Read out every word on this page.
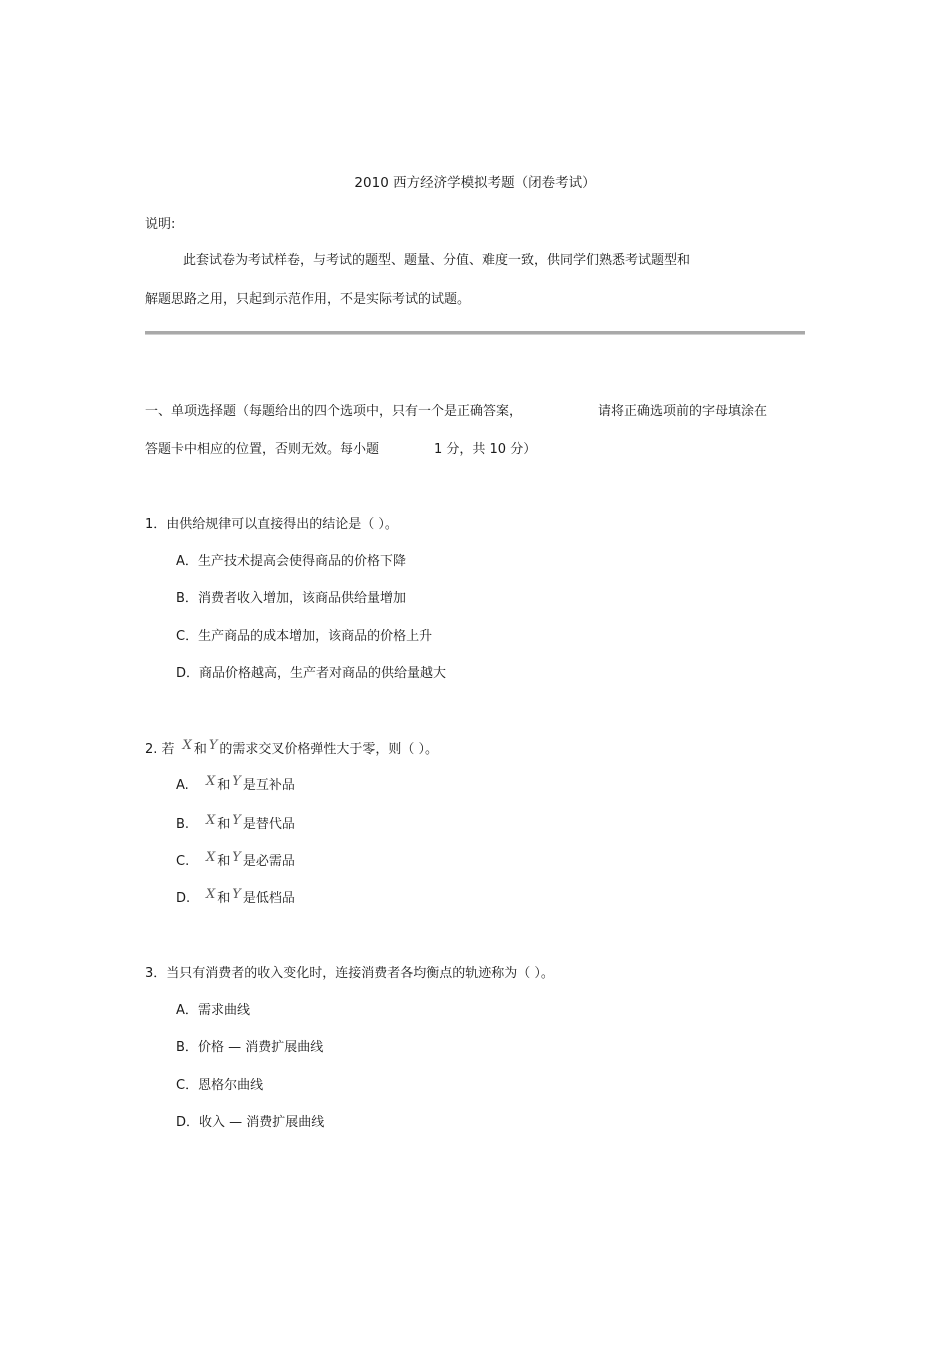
2010 西方经济学模拟考题（闭卷考试）
说明:
此套试卷为考试样卷，与考试的题型、题量、分值、难度一致，供同学们熟悉考试题型和
解题思路之用，只起到示范作用，不是实际考试的试题。
一、单项选择题（每题给出的四个选项中，只有一个是正确答案，	请将正确选项前的字母填涂在
答题卡中相应的位置，否则无效。每小题	1 分，共 10 分）
1．由供给规律可以直接得出的结论是（ ）。
A．生产技术提高会使得商品的价格下降
B．消费者收入增加，该商品供给量增加
C．生产商品的成本增加，该商品的价格上升
D．商品价格越高，生产者对商品的供给量越大
2. 若 X 和 Y 的需求交叉价格弹性大于零，则（ ）。
A. X 和 Y 是互补品
B. X 和 Y 是替代品
C. X 和 Y 是必需品
D. X 和 Y 是低档品
3．当只有消费者的收入变化时，连接消费者各均衡点的轨迹称为（ ）。
A．需求曲线
B．价格 — 消费扩展曲线
C．恩格尔曲线
D．收入 — 消费扩展曲线
